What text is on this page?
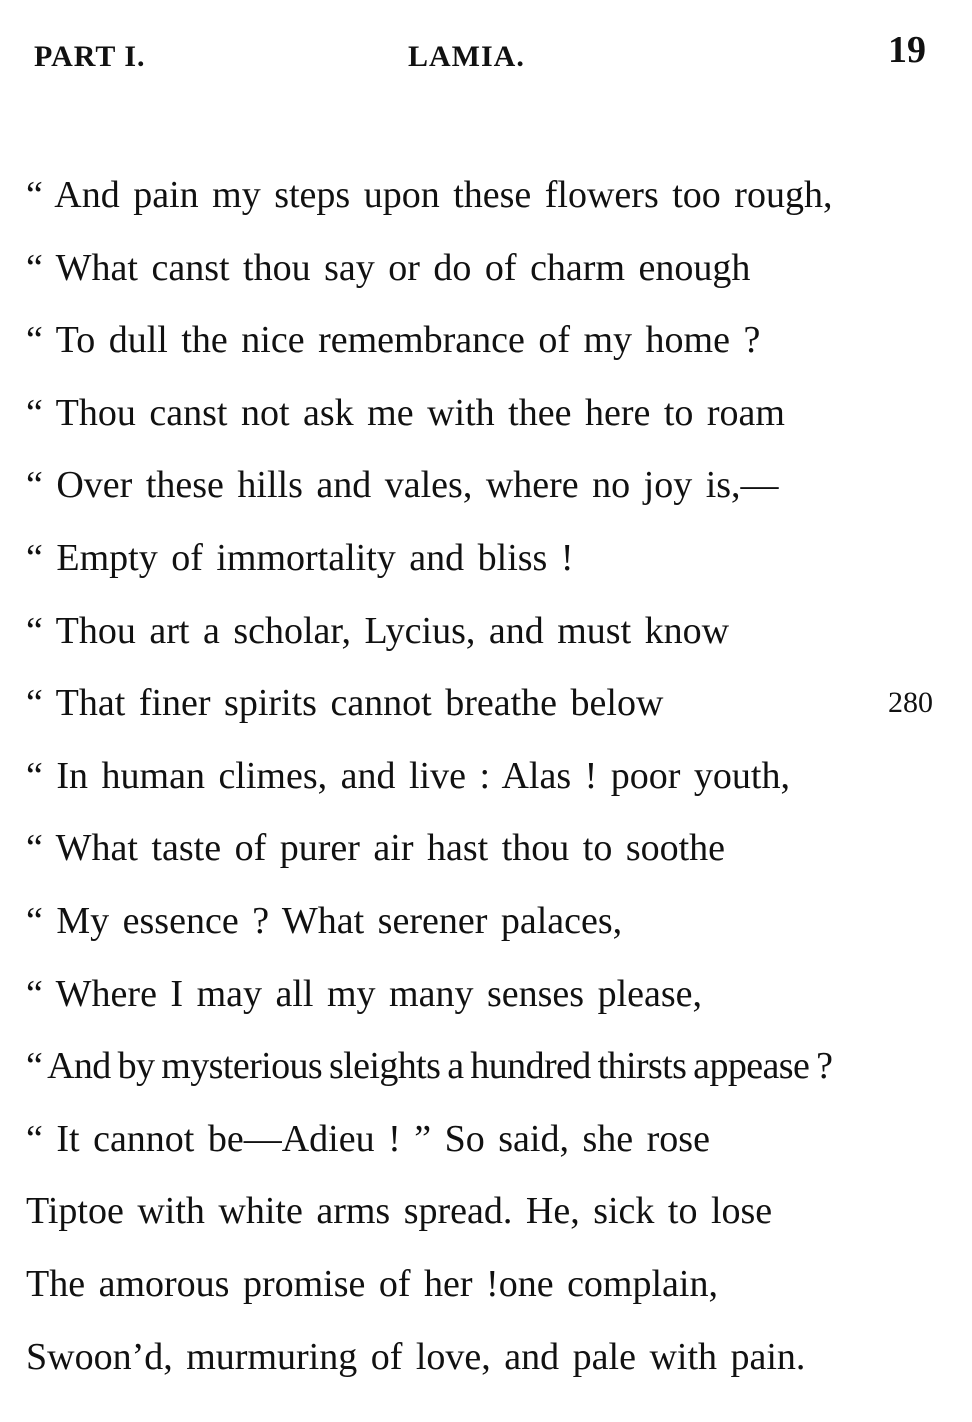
PART I.	LAMIA.	19
“ And pain my steps upon these flowers too rough,
“ What canst thou say or do of charm enough
“ To dull the nice remembrance of my home ?
“ Thou canst not ask me with thee here to roam
“ Over these hills and vales, where no joy is,—
“ Empty of immortality and bliss !
“ Thou art a scholar, Lycius, and must know
“ That finer spirits cannot breathe below	280
“ In human climes, and live : Alas ! poor youth,
“ What taste of purer air hast thou to soothe
“ My essence ? What serener palaces,
“ Where I may all my many senses please,
“ And by mysterious sleights a hundred thirsts appease ?
“ It cannot be—Adieu ! ” So said, she rose
Tiptoe with white arms spread. He, sick to lose
The amorous promise of her !one complain,
Swoon’d, murmuring of love, and pale with pain.
